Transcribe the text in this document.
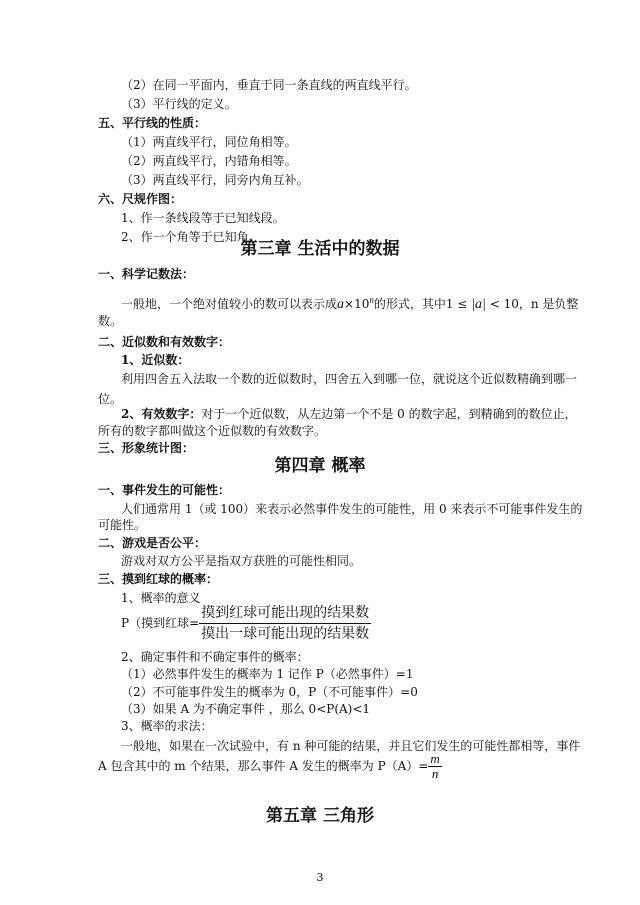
（2）在同一平面内，垂直于同一条直线的两直线平行。
（3）平行线的定义。
五、平行线的性质：
（1）两直线平行，同位角相等。
（2）两直线平行，内错角相等。
（3）两直线平行，同旁内角互补。
六、尺规作图：
1、作一条线段等于已知线段。
2、作一个角等于已知角。
第三章 生活中的数据
一、科学记数法：
一般地，一个绝对值较小的数可以表示成$a\times 10^n$的形式，其中1 ≤ |a| < 10，n 是负整
数。
二、近似数和有效数字：
1、近似数：
利用四舍五入法取一个数的近似数时，四舍五入到哪一位，就说这个近似数精确到哪一
位。
2、有效数字：对于一个近似数，从左边第一个不是 0 的数字起，到精确到的数位止，
所有的数字都叫做这个近似数的有效数字。
三、形象统计图：
第四章 概率
一、事件发生的可能性：
人们通常用 1（或 100）来表示必然事件发生的可能性，用 0 来表示不可能事件发生的
可能性。
二、游戏是否公平：
游戏对双方公平是指双方获胜的可能性相同。
三、摸到红球的概率：
1、概率的意义
P（摸到红球= $\frac{\text{摸到红球可能出现的结果数}}{\text{摸出一球可能出现的结果数}}$
2、确定事件和不确定事件的概率：
（1）必然事件发生的概率为 1 记作 P（必然事件）=1
（2）不可能事件发生的概率为 0，P（不可能事件）=0
（3）如果 A 为不确定事件 ，那么 0<P(A)<1
3、概率的求法：
一般地，如果在一次试验中，有 n 种可能的结果，并且它们发生的可能性都相等，事件
A 包含其中的 m 个结果，那么事件 A 发生的概率为 $P(A)= \frac{m}{n}$
第五章 三角形
3
